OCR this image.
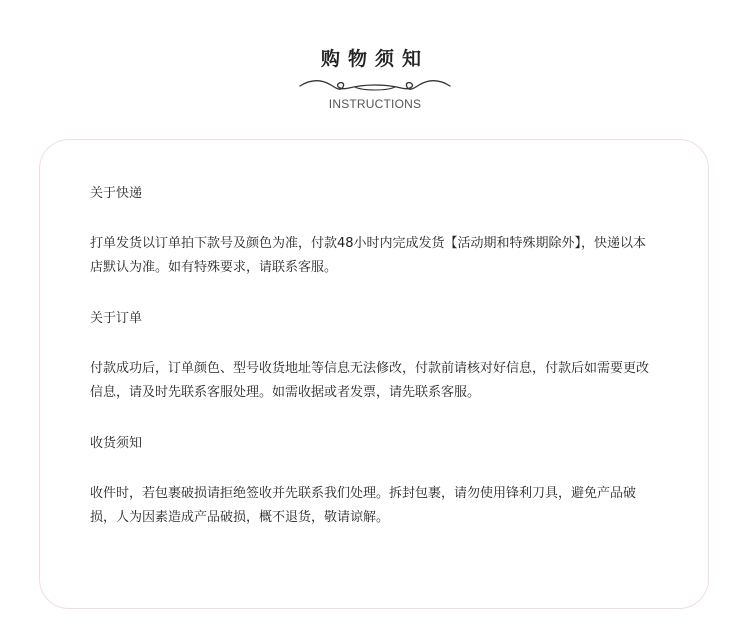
购物须知
INSTRUCTIONS
关于快递
打单发货以订单拍下款号及颜色为准，付款48小时内完成发货【活动期和特殊期除外】，快递以本店默认为准。如有特殊要求，请联系客服。
关于订单
付款成功后，订单颜色、型号收货地址等信息无法修改，付款前请核对好信息，付款后如需要更改信息，请及时先联系客服处理。如需收据或者发票，请先联系客服。
收货须知
收件时，若包裹破损请拒绝签收并先联系我们处理。拆封包裹，请勿使用锋利刀具，避免产品破损，人为因素造成产品破损，概不退货，敬请谅解。
